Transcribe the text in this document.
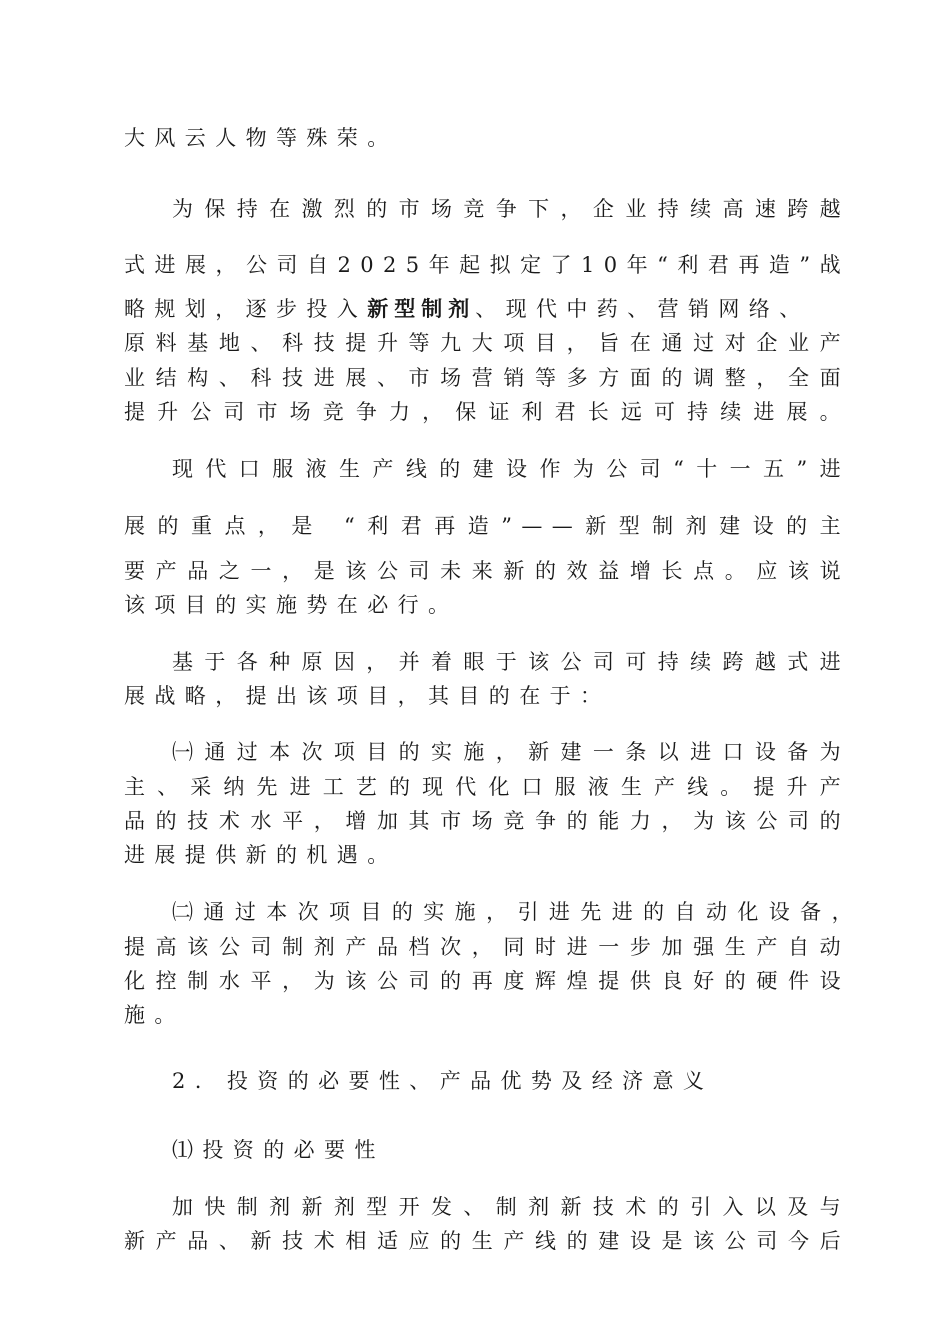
大风云人物等殊荣。
为保持在激烈的市场竞争下，企业持续高速跨越
式进展，公司自2025年起拟定了10年“利君再造”战
略规划，逐步投入新型制剂、现代中药、营销网络、
原料基地、科技提升等九大项目，旨在通过对企业产
业结构、科技进展、市场营销等多方面的调整，全面
提升公司市场竞争力，保证利君长远可持续进展。
现代口服液生产线的建设作为公司“十一五”进
展的重点，是 “利君再造”——新型制剂建设的主
要产品之一，是该公司未来新的效益增长点。应该说
该项目的实施势在必行。
基于各种原因，并着眼于该公司可持续跨越式进
展战略，提出该项目，其目的在于：
㈠通过本次项目的实施，新建一条以进口设备为
主、采纳先进工艺的现代化口服液生产线。提升产
品的技术水平，增加其市场竞争的能力，为该公司的
进展提供新的机遇。
㈡通过本次项目的实施，引进先进的自动化设备，
提高该公司制剂产品档次，同时进一步加强生产自动
化控制水平，为该公司的再度辉煌提供良好的硬件设
施。
2. 投资的必要性、产品优势及经济意义
⑴投资的必要性
加快制剂新剂型开发、制剂新技术的引入以及与
新产品、新技术相适应的生产线的建设是该公司今后
